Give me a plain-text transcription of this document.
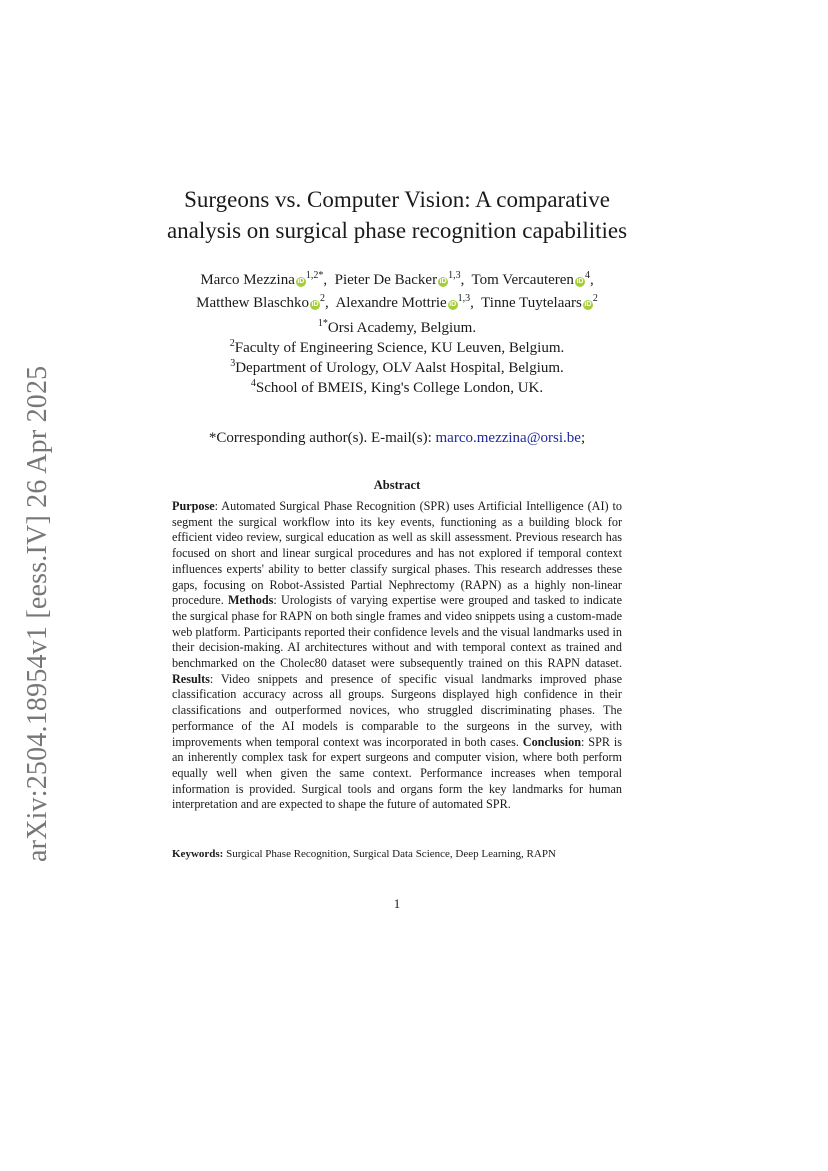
arXiv:2504.18954v1 [eess.IV] 26 Apr 2025
Surgeons vs. Computer Vision: A comparative
analysis on surgical phase recognition capabilities
Marco Mezzina $iD^{1,2*}$, Pieter De Backer iD$^{1,3}$, Tom Vercauteren $iD^4$,
Matthew Blaschko $iD^2$, Alexandre Mottrie iD$^{1,3}$, Tinne Tuytelaars $iD^2$
$^{1*}$Orsi Academy, Belgium.
$^2$Faculty of Engineering Science, KU Leuven, Belgium.
$^3$Department of Urology, OLV Aalst Hospital, Belgium.
$^4$School of BMEIS, King's College London, UK.
*Corresponding author(s). E-mail(s): marco.mezzina@orsi.be;
Abstract
Purpose: Automated Surgical Phase Recognition (SPR) uses Artificial Intelligence (AI) to segment the surgical workflow into its key events, functioning as a building block for efficient video review, surgical education as well as skill assessment. Previous research has focused on short and linear surgical procedures and has not explored if temporal context influences experts' ability to better classify surgical phases. This research addresses these gaps, focusing on Robot-Assisted Partial Nephrectomy (RAPN) as a highly non-linear procedure. Methods: Urologists of varying expertise were grouped and tasked to indicate the surgical phase for RAPN on both single frames and video snippets using a custom-made web platform. Participants reported their confidence levels and the visual landmarks used in their decision-making. AI architectures without and with temporal context as trained and benchmarked on the Cholec80 dataset were subsequently trained on this RAPN dataset. Results: Video snippets and presence of specific visual landmarks improved phase classification accuracy across all groups. Surgeons displayed high confidence in their classifications and outperformed novices, who struggled discriminating phases. The performance of the AI models is comparable to the surgeons in the survey, with improvements when temporal context was incorporated in both cases. Conclusion: SPR is an inherently complex task for expert surgeons and computer vision, where both perform equally well when given the same context. Performance increases when temporal information is provided. Surgical tools and organs form the key landmarks for human interpretation and are expected to shape the future of automated SPR.
Keywords: Surgical Phase Recognition, Surgical Data Science, Deep Learning, RAPN
1
